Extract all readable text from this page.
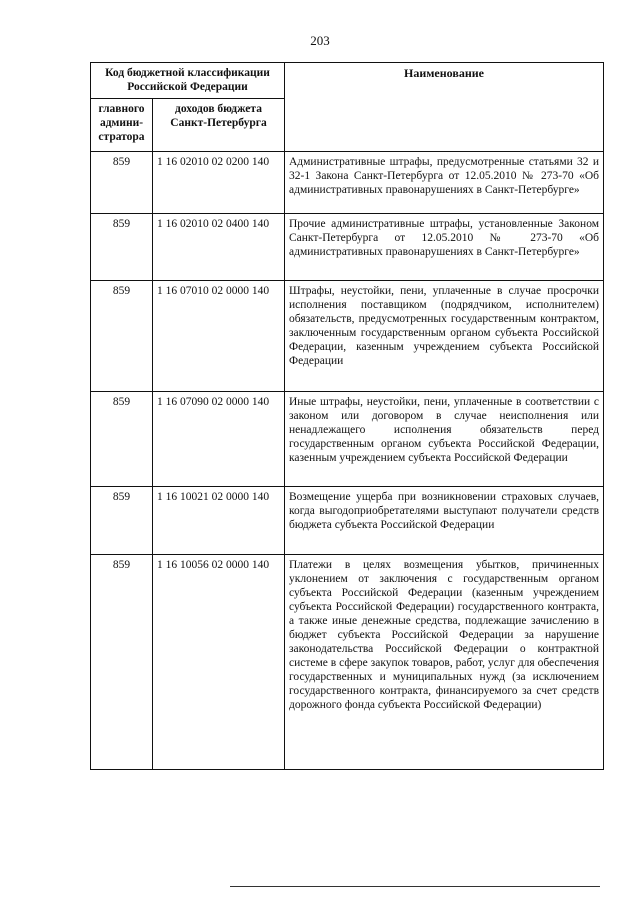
203
Код бюджетной классификации Российской Федерации		Наименование
главного админи-стратора	доходов бюджета Санкт-Петербурга	
859	1 16 02010 02 0200 140	Административные штрафы, предусмотренные статьями 32 и 32-1 Закона Санкт-Петербурга от 12.05.2010 № 273-70 «Об административных правонарушениях в Санкт-Петербурге»
859	1 16 02010 02 0400 140	Прочие административные штрафы, установленные Законом Санкт-Петербурга от 12.05.2010 № 273-70 «Об административных правонарушениях в Санкт-Петербурге»
859	1 16 07010 02 0000 140	Штрафы, неустойки, пени, уплаченные в случае просрочки исполнения поставщиком (подрядчиком, исполнителем) обязательств, предусмотренных государственным контрактом, заключенным государственным органом субъекта Российской Федерации, казенным учреждением субъекта Российской Федерации
859	1 16 07090 02 0000 140	Иные штрафы, неустойки, пени, уплаченные в соответствии с законом или договором в случае неисполнения или ненадлежащего исполнения обязательств перед государственным органом субъекта Российской Федерации, казенным учреждением субъекта Российской Федерации
859	1 16 10021 02 0000 140	Возмещение ущерба при возникновении страховых случаев, когда выгодоприобретателями выступают получатели средств бюджета субъекта Российской Федерации
859	1 16 10056 02 0000 140	Платежи в целях возмещения убытков, причиненных уклонением от заключения с государственным органом субъекта Российской Федерации (казенным учреждением субъекта Российской Федерации) государственного контракта, а также иные денежные средства, подлежащие зачислению в бюджет субъекта Российской Федерации за нарушение законодательства Российской Федерации о контрактной системе в сфере закупок товаров, работ, услуг для обеспечения государственных и муниципальных нужд (за исключением государственного контракта, финансируемого за счет средств дорожного фонда субъекта Российской Федерации)
